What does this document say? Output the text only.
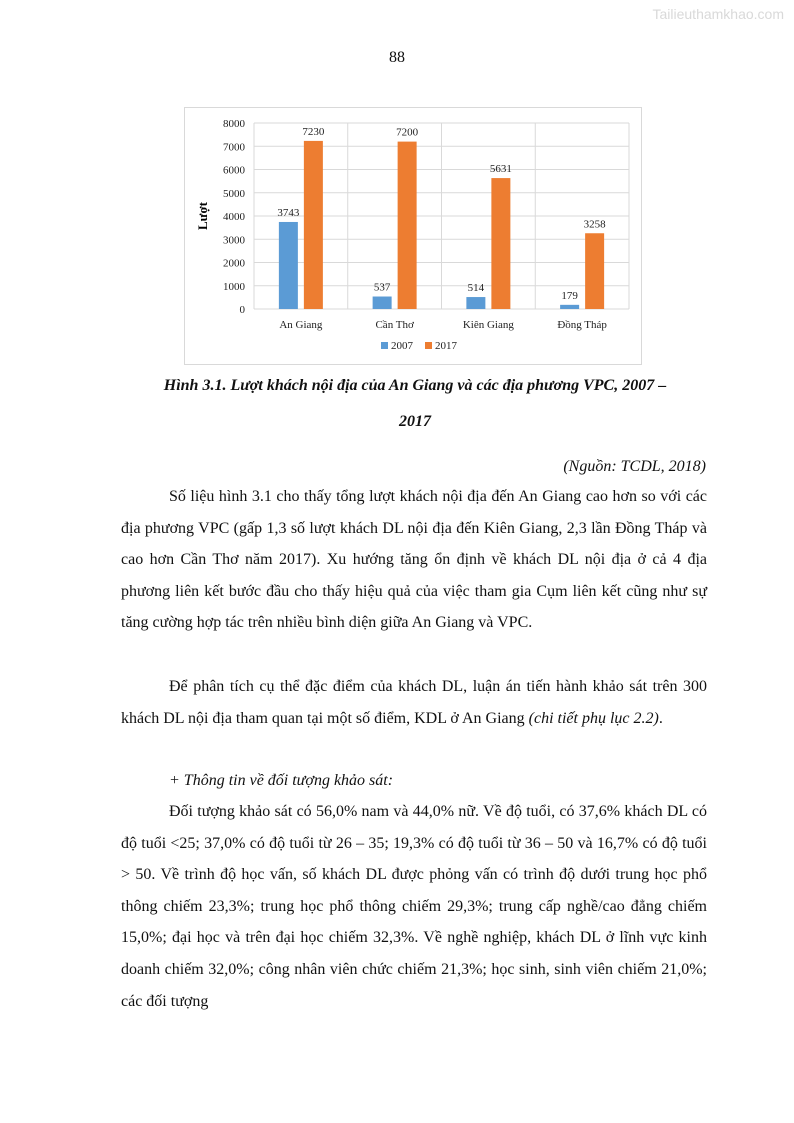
Tailieuthamkhao.com
88
0
1000
2000
3000
4000
5000
6000
7000
8000
3743
7230
An Giang
537
7200
Cần Thơ
514
5631
Kiên Giang
179
3258
Đồng Tháp
Lượt
2007 2017
Hình 3.1. Lượt khách nội địa của An Giang và các địa phương VPC, 2007 –
2017
(Nguồn: TCDL, 2018)

Số liệu hình 3.1 cho thấy tổng lượt khách nội địa đến An Giang cao hơn so với các địa phương VPC (gấp 1,3 số lượt khách DL nội địa đến Kiên Giang, 2,3 lần Đồng Tháp và cao hơn Cần Thơ năm 2017). Xu hướng tăng ổn định về khách DL nội địa ở cả 4 địa phương liên kết bước đầu cho thấy hiệu quả của việc tham gia Cụm liên kết cũng như sự tăng cường hợp tác trên nhiều bình diện giữa An Giang và VPC.

Để phân tích cụ thể đặc điểm của khách DL, luận án tiến hành khảo sát trên 300 khách DL nội địa tham quan tại một số điểm, KDL ở An Giang (chi tiết phụ lục 2.2).

+ Thông tin về đối tượng khảo sát:

Đối tượng khảo sát có 56,0% nam và 44,0% nữ. Về độ tuổi, có 37,6% khách DL có độ tuổi <25; 37,0% có độ tuổi từ 26 – 35; 19,3% có độ tuổi từ 36 – 50 và 16,7% có độ tuổi > 50. Về trình độ học vấn, số khách DL được phỏng vấn có trình độ dưới trung học phổ thông chiếm 23,3%; trung học phổ thông chiếm 29,3%; trung cấp nghề/cao đẳng chiếm 15,0%; đại học và trên đại học chiếm 32,3%. Về nghề nghiệp, khách DL ở lĩnh vực kinh doanh chiếm 32,0%; công nhân viên chức chiếm 21,3%; học sinh, sinh viên chiếm 21,0%; các đối tượng
